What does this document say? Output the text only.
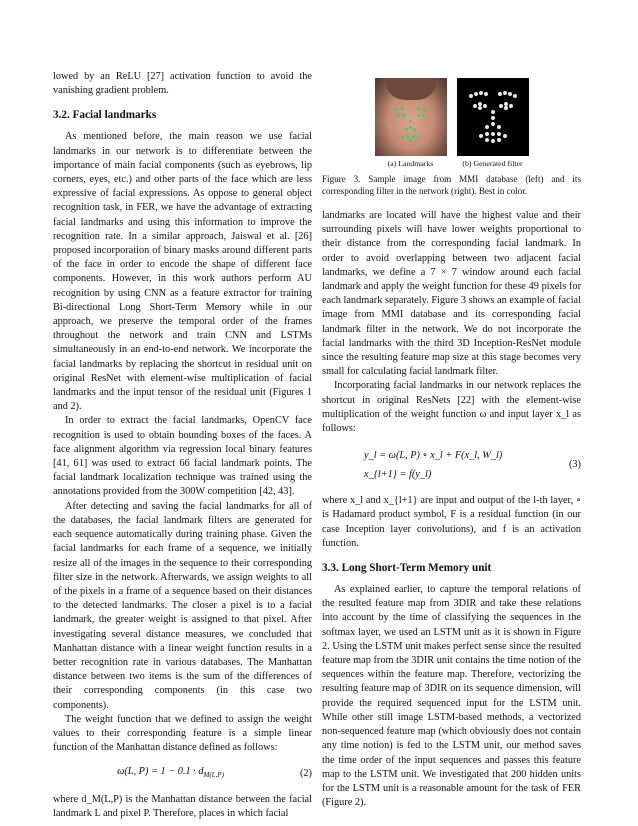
lowed by an ReLU [27] activation function to avoid the vanishing gradient problem.

3.2. Facial landmarks

As mentioned before, the main reason we use facial landmarks in our network is to differentiate between the importance of main facial components (such as eyebrows, lip corners, eyes, etc.) and other parts of the face which are less expressive of facial expressions. As oppose to general object recognition task, in FER, we have the advantage of extracting facial landmarks and using this information to improve the recognition rate. In a similar approach, Jaiswal et al. [26] proposed incorporation of binary masks around different parts of the face in order to encode the shape of different face components. However, in this work authors perform AU recognition by using CNN as a feature extractor for training Bi-directional Long Short-Term Memory while in our approach, we preserve the temporal order of the frames throughout the network and train CNN and LSTMs simultaneously in an end-to-end network. We incorporate the facial landmarks by replacing the shortcut in residual unit on original ResNet with element-wise multiplication of facial landmarks and the input tensor of the residual unit (Figures 1 and 2).

In order to extract the facial landmarks, OpenCV face recognition is used to obtain bounding boxes of the faces. A face alignment algorithm via regression local binary features [41, 61] was used to extract 66 facial landmark points. The facial landmark localization technique was trained using the annotations provided from the 300W competition [42, 43].

After detecting and saving the facial landmarks for all of the databases, the facial landmark filters are generated for each sequence automatically during training phase. Given the facial landmarks for each frame of a sequence, we initially resize all of the images in the sequence to their corresponding filter size in the network. Afterwards, we assign weights to all of the pixels in a frame of a sequence based on their distances to the detected landmarks. The closer a pixel is to a facial landmark, the greater weight is assigned to that pixel. After investigating several distance measures, we concluded that Manhattan distance with a linear weight function results in a better recognition rate in various databases. The Manhattan distance between two items is the sum of the differences of their corresponding components (in this case two components).

The weight function that we defined to assign the weight values to their corresponding feature is a simple linear function of the Manhattan distance defined as follows:

ω(L, $P) = 1 - 0.1 \cdot d_{M(L,P)}$	(2)

where d_M(L,P) is the Manhattan distance between the facial landmark L and pixel P. Therefore, places in which facial

(a) Landmarks	(b) Generated filter
Figure 3. Sample image from MMI database (left) and its corresponding filter in the network (right). Best in color.

landmarks are located will have the highest value and their surrounding pixels will have lower weights proportional to their distance from the corresponding facial landmark. In order to avoid overlapping between two adjacent facial landmarks, we define a 7 × 7 window around each facial landmark and apply the weight function for these 49 pixels for each landmark separately. Figure 3 shows an example of facial image from MMI database and its corresponding facial landmark filter in the network. We do not incorporate the facial landmarks with the third 3D Inception-ResNet module since the resulting feature map size at this stage becomes very small for calculating facial landmark filter.

Incorporating facial landmarks in our network replaces the shortcut in original ResNets [22] with the element-wise multiplication of the weight function ω and input layer x_l as follows:

y_l = ω(L, P) ∘ x_l + F(x_l, W_l)
x_{l+1} = f(y_l)
(3)

where x_l and x_{l+1} are input and output of the l-th layer, ∘ is Hadamard product symbol, F is a residual function (in our case Inception layer convolutions), and f is an activation function.

3.3. Long Short-Term Memory unit

As explained earlier, to capture the temporal relations of the resulted feature map from 3DIR and take these relations into account by the time of classifying the sequences in the softmax layer, we used an LSTM unit as it is shown in Figure 2. Using the LSTM unit makes perfect sense since the resulted feature map from the 3DIR unit contains the time notion of the sequences within the feature map. Therefore, vectorizing the resulting feature map of 3DIR on its sequence dimension, will provide the required sequenced input for the LSTM unit. While other still image LSTM-based methods, a vectorized non-sequenced feature map (which obviously does not contain any time notion) is fed to the LSTM unit, our method saves the time order of the input sequences and passes this feature map to the LSTM unit. We investigated that 200 hidden units for the LSTM unit is a reasonable amount for the task of FER (Figure 2).
